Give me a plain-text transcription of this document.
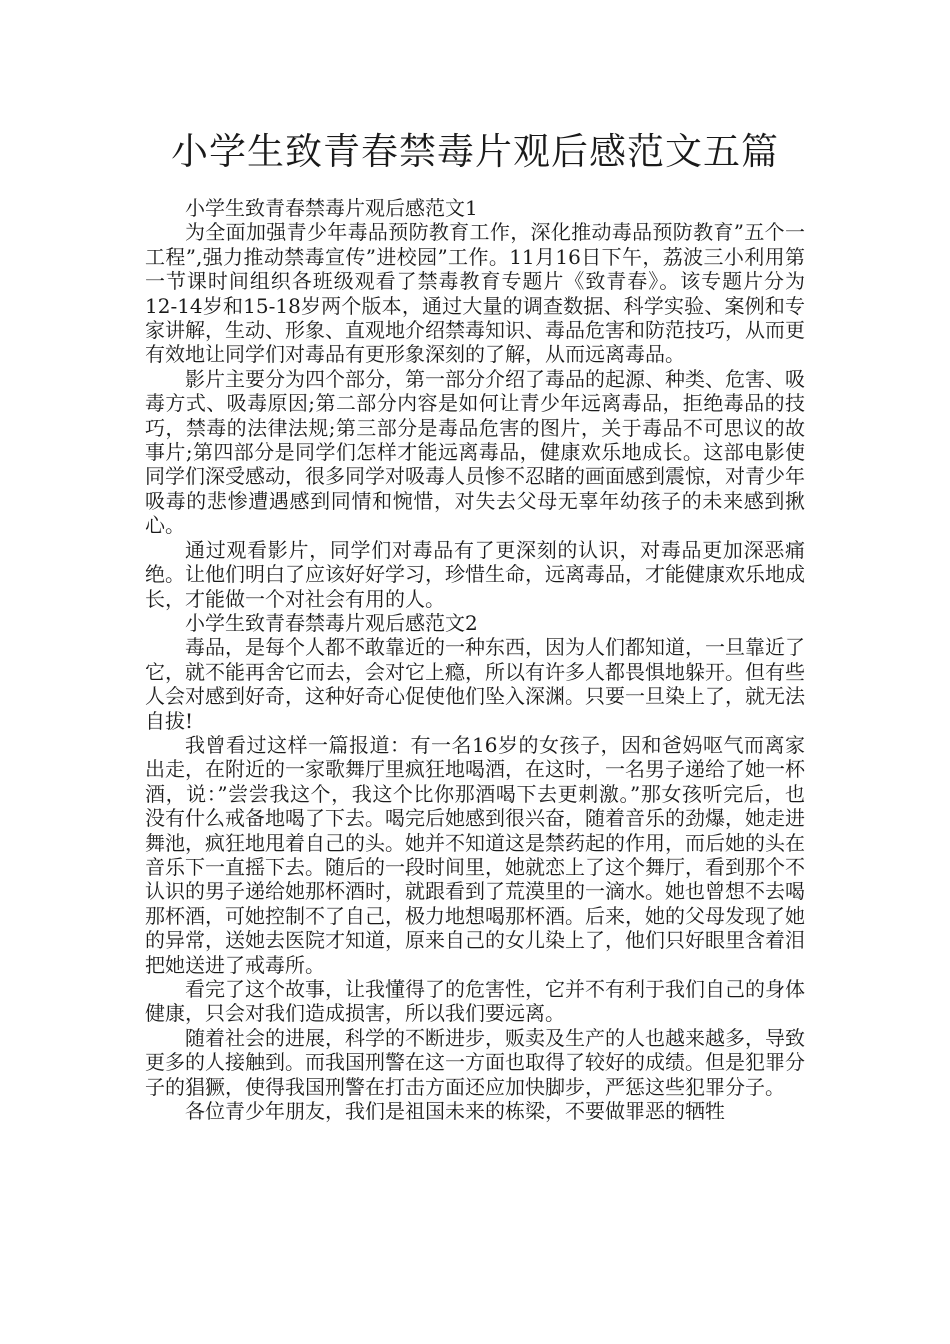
小学生致青春禁毒片观后感范文五篇

小学生致青春禁毒片观后感范文1

为全面加强青少年毒品预防教育工作，深化推动毒品预防教育”五个一工程”,强力推动禁毒宣传”进校园”工作。11月16日下午，荔波三小利用第一节课时间组织各班级观看了禁毒教育专题片《致青春》。该专题片分为12-14岁和15-18岁两个版本，通过大量的调查数据、科学实验、案例和专家讲解，生动、形象、直观地介绍禁毒知识、毒品危害和防范技巧，从而更有效地让同学们对毒品有更形象深刻的了解，从而远离毒品。

影片主要分为四个部分，第一部分介绍了毒品的起源、种类、危害、吸毒方式、吸毒原因;第二部分内容是如何让青少年远离毒品，拒绝毒品的技巧，禁毒的法律法规;第三部分是毒品危害的图片，关于毒品不可思议的故事片;第四部分是同学们怎样才能远离毒品，健康欢乐地成长。这部电影使同学们深受感动，很多同学对吸毒人员惨不忍睹的画面感到震惊，对青少年吸毒的悲惨遭遇感到同情和惋惜，对失去父母无辜年幼孩子的未来感到揪心。

通过观看影片，同学们对毒品有了更深刻的认识，对毒品更加深恶痛绝。让他们明白了应该好好学习，珍惜生命，远离毒品，才能健康欢乐地成长，才能做一个对社会有用的人。

小学生致青春禁毒片观后感范文2

毒品，是每个人都不敢靠近的一种东西，因为人们都知道，一旦靠近了它，就不能再舍它而去，会对它上瘾，所以有许多人都畏惧地躲开。但有些人会对感到好奇，这种好奇心促使他们坠入深渊。只要一旦染上了，就无法自拔!

我曾看过这样一篇报道：有一名16岁的女孩子，因和爸妈呕气而离家出走，在附近的一家歌舞厅里疯狂地喝酒，在这时，一名男子递给了她一杯酒，说：”尝尝我这个，我这个比你那酒喝下去更刺激。”那女孩听完后，也没有什么戒备地喝了下去。喝完后她感到很兴奋，随着音乐的劲爆，她走进舞池，疯狂地甩着自己的头。她并不知道这是禁药起的作用，而后她的头在音乐下一直摇下去。随后的一段时间里，她就恋上了这个舞厅，看到那个不认识的男子递给她那杯酒时，就跟看到了荒漠里的一滴水。她也曾想不去喝那杯酒，可她控制不了自己，极力地想喝那杯酒。后来，她的父母发现了她的异常，送她去医院才知道，原来自己的女儿染上了，他们只好眼里含着泪把她送进了戒毒所。

看完了这个故事，让我懂得了的危害性，它并不有利于我们自己的身体健康，只会对我们造成损害，所以我们要远离。

随着社会的进展，科学的不断进步，贩卖及生产的人也越来越多，导致更多的人接触到。而我国刑警在这一方面也取得了较好的成绩。但是犯罪分子的猖獗，使得我国刑警在打击方面还应加快脚步，严惩这些犯罪分子。

各位青少年朋友，我们是祖国未来的栋梁，不要做罪恶的牺牲
